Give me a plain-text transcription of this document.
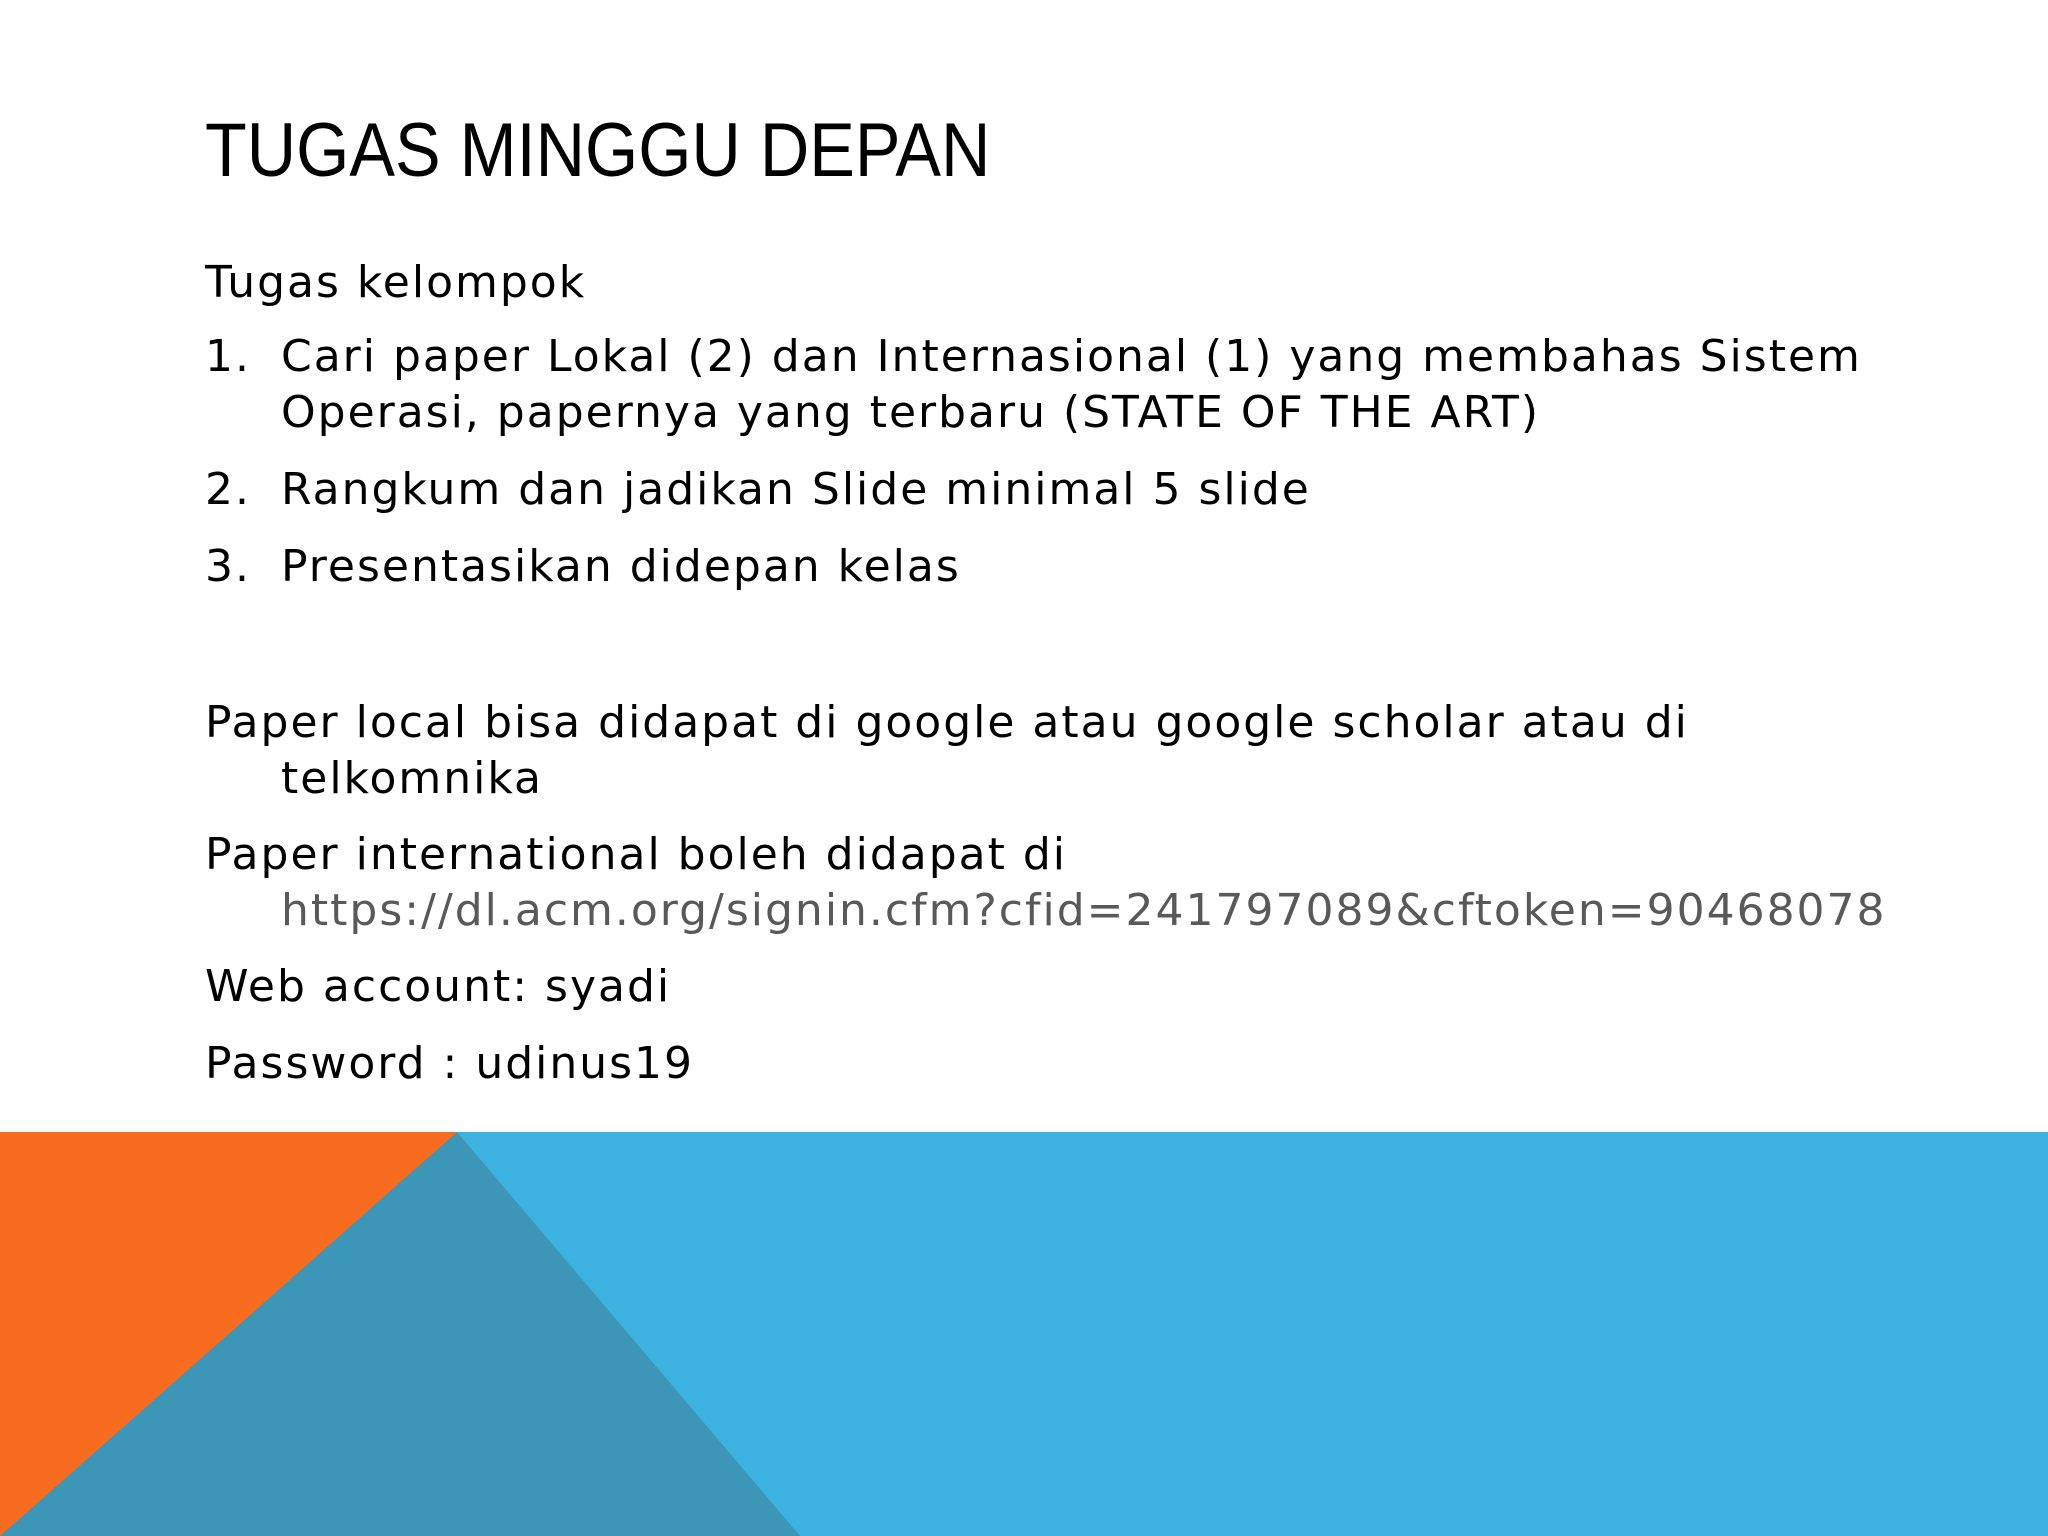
TUGAS MINGGU DEPAN

Tugas kelompok

1. Cari paper Lokal (2) dan Internasional (1) yang membahas Sistem
Operasi, papernya yang terbaru (STATE OF THE ART)
2. Rangkum dan jadikan Slide minimal 5 slide
3. Presentasikan didepan kelas
Paper local bisa didapat di google atau google scholar atau di
telkomnika
Paper international boleh didapat di
https://dl.acm.org/signin.cfm?cfid=241797089&cftoken=90468078
Web account: syadi
Password : udinus19
